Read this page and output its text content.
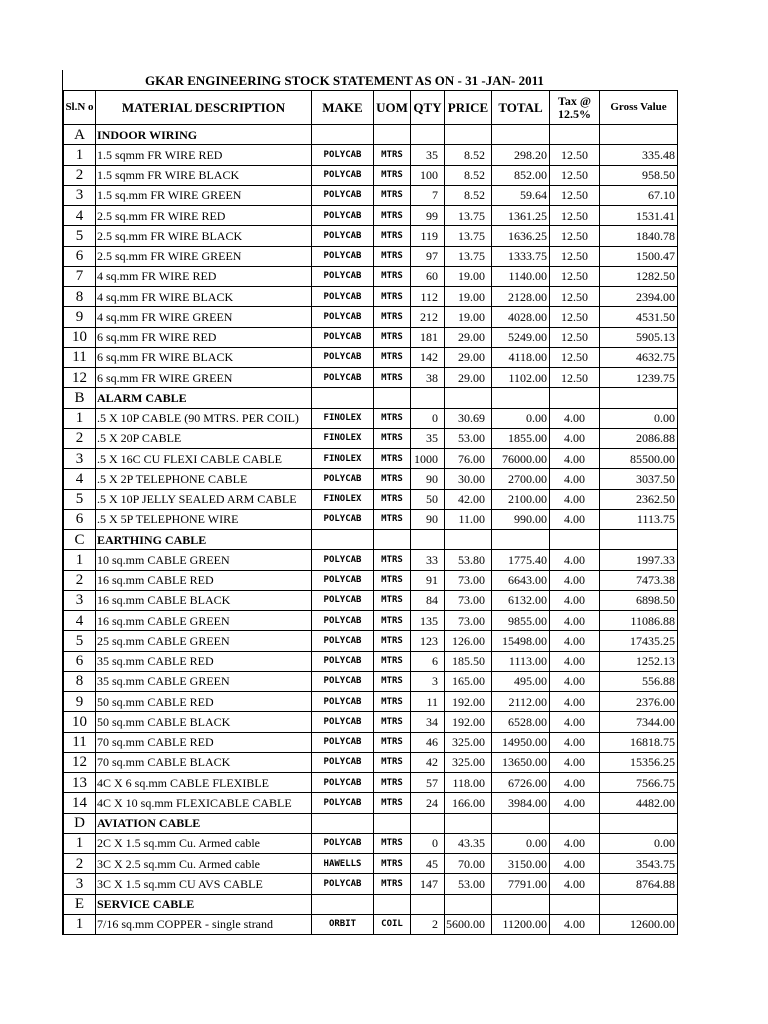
GKAR ENGINEERING STOCK STATEMENT AS ON - 31 -JAN- 2011
Sl.N o	MATERIAL DESCRIPTION	MAKE	UOM	QTY	PRICE	TOTAL	Tax @ 12.5%	Gross Value
A	INDOOR WIRING							
1	1.5 sqmm FR WIRE RED	POLYCAB	MTRS	35	8.52	298.20	12.50	335.48
2	1.5 sqmm FR WIRE BLACK	POLYCAB	MTRS	100	8.52	852.00	12.50	958.50
3	1.5 sq.mm FR WIRE GREEN	POLYCAB	MTRS	7	8.52	59.64	12.50	67.10
4	2.5 sq.mm FR WIRE RED	POLYCAB	MTRS	99	13.75	1361.25	12.50	1531.41
5	2.5 sq.mm FR WIRE BLACK	POLYCAB	MTRS	119	13.75	1636.25	12.50	1840.78
6	2.5 sq.mm FR WIRE GREEN	POLYCAB	MTRS	97	13.75	1333.75	12.50	1500.47
7	4 sq.mm FR WIRE RED	POLYCAB	MTRS	60	19.00	1140.00	12.50	1282.50
8	4 sq.mm FR WIRE BLACK	POLYCAB	MTRS	112	19.00	2128.00	12.50	2394.00
9	4 sq.mm FR WIRE GREEN	POLYCAB	MTRS	212	19.00	4028.00	12.50	4531.50
10	6 sq.mm FR WIRE RED	POLYCAB	MTRS	181	29.00	5249.00	12.50	5905.13
11	6 sq.mm FR WIRE BLACK	POLYCAB	MTRS	142	29.00	4118.00	12.50	4632.75
12	6 sq.mm FR WIRE GREEN	POLYCAB	MTRS	38	29.00	1102.00	12.50	1239.75
B	ALARM CABLE							
1	.5 X 10P CABLE (90 MTRS. PER COIL)	FINOLEX	MTRS	0	30.69	0.00	4.00	0.00
2	.5 X 20P CABLE	FINOLEX	MTRS	35	53.00	1855.00	4.00	2086.88
3	.5 X 16C CU FLEXI CABLE CABLE	FINOLEX	MTRS	1000	76.00	76000.00	4.00	85500.00
4	.5 X 2P TELEPHONE CABLE	POLYCAB	MTRS	90	30.00	2700.00	4.00	3037.50
5	.5 X 10P JELLY SEALED ARM CABLE	FINOLEX	MTRS	50	42.00	2100.00	4.00	2362.50
6	.5 X 5P TELEPHONE WIRE	POLYCAB	MTRS	90	11.00	990.00	4.00	1113.75
C	EARTHING CABLE							
1	10 sq.mm CABLE GREEN	POLYCAB	MTRS	33	53.80	1775.40	4.00	1997.33
2	16 sq.mm CABLE RED	POLYCAB	MTRS	91	73.00	6643.00	4.00	7473.38
3	16 sq.mm CABLE BLACK	POLYCAB	MTRS	84	73.00	6132.00	4.00	6898.50
4	16 sq.mm CABLE GREEN	POLYCAB	MTRS	135	73.00	9855.00	4.00	11086.88
5	25 sq.mm CABLE GREEN	POLYCAB	MTRS	123	126.00	15498.00	4.00	17435.25
6	35 sq.mm CABLE RED	POLYCAB	MTRS	6	185.50	1113.00	4.00	1252.13
8	35 sq.mm CABLE GREEN	POLYCAB	MTRS	3	165.00	495.00	4.00	556.88
9	50 sq.mm CABLE RED	POLYCAB	MTRS	11	192.00	2112.00	4.00	2376.00
10	50 sq.mm CABLE BLACK	POLYCAB	MTRS	34	192.00	6528.00	4.00	7344.00
11	70 sq.mm CABLE RED	POLYCAB	MTRS	46	325.00	14950.00	4.00	16818.75
12	70 sq.mm CABLE BLACK	POLYCAB	MTRS	42	325.00	13650.00	4.00	15356.25
13	4C X 6 sq.mm CABLE FLEXIBLE	POLYCAB	MTRS	57	118.00	6726.00	4.00	7566.75
14	4C X 10 sq.mm FLEXICABLE CABLE	POLYCAB	MTRS	24	166.00	3984.00	4.00	4482.00
D	AVIATION CABLE							
1	2C X 1.5 sq.mm Cu. Armed cable	POLYCAB	MTRS	0	43.35	0.00	4.00	0.00
2	3C X 2.5 sq.mm Cu. Armed cable	HAWELLS	MTRS	45	70.00	3150.00	4.00	3543.75
3	3C X 1.5 sq.mm CU AVS CABLE	POLYCAB	MTRS	147	53.00	7791.00	4.00	8764.88
E	SERVICE CABLE							
1	7/16 sq.mm COPPER - single strand	ORBIT	COIL	2	5600.00	11200.00	4.00	12600.00
